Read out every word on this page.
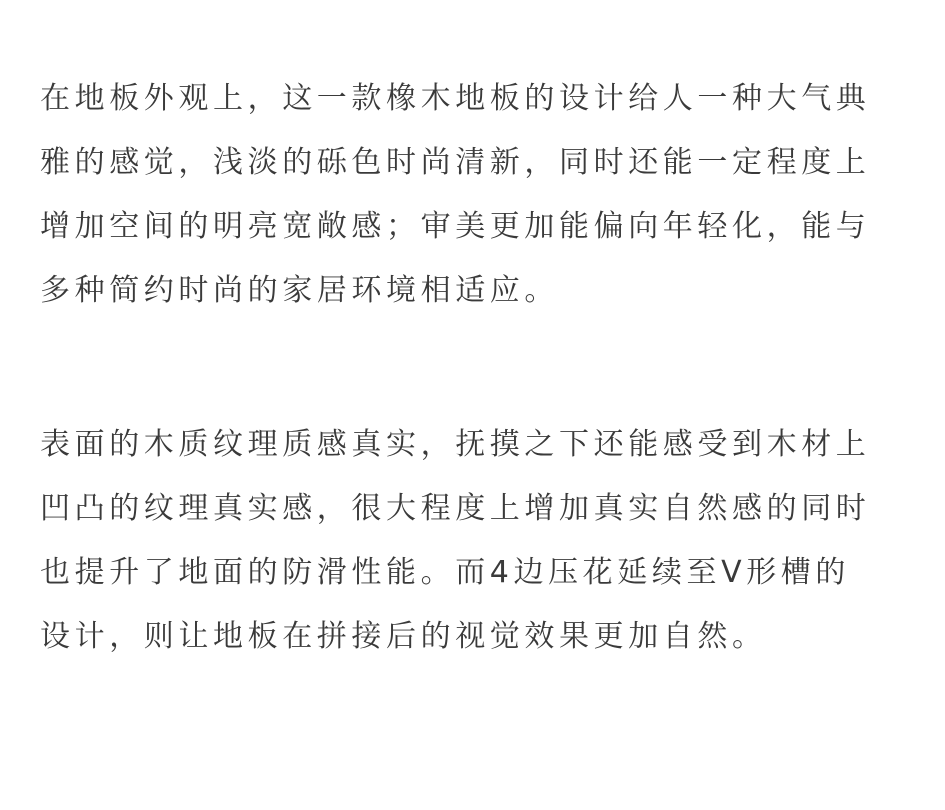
在地板外观上，这一款橡木地板的设计给人一种大气典
雅的感觉，浅淡的砾色时尚清新，同时还能一定程度上
增加空间的明亮宽敞感；审美更加能偏向年轻化，能与
多种简约时尚的家居环境相适应。
表面的木质纹理质感真实，抚摸之下还能感受到木材上
凹凸的纹理真实感，很大程度上增加真实自然感的同时
也提升了地面的防滑性能。而4边压花延续至V形槽的
设计，则让地板在拼接后的视觉效果更加自然。
